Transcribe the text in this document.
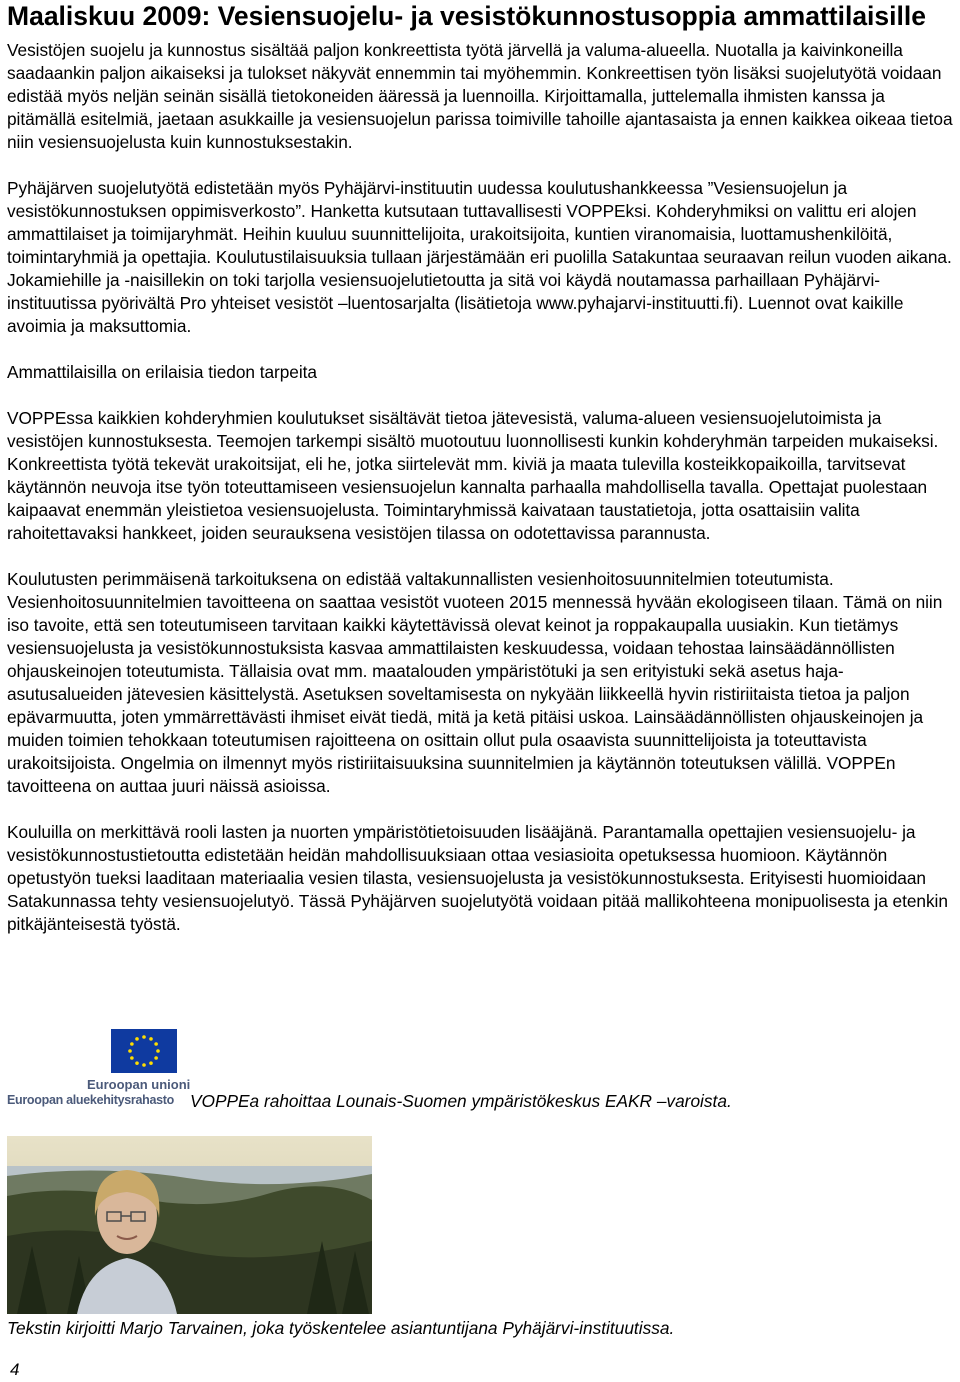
Maaliskuu 2009: Vesiensuojelu- ja vesistökunnostusoppia ammattilaisille

Vesistöjen suojelu ja kunnostus sisältää paljon konkreettista työtä järvellä ja valuma-alueella. Nuotalla ja kaivinkoneilla saadaankin paljon aikaiseksi ja tulokset näkyvät ennemmin tai myöhemmin. Konkreettisen työn lisäksi suojelutyötä voidaan edistää myös neljän seinän sisällä tietokoneiden ääressä ja luennoilla. Kirjoittamalla, juttelemalla ihmisten kanssa ja pitämällä esitelmiä, jaetaan asukkaille ja vesiensuojelun parissa toimiville tahoille ajantasaista ja ennen kaikkea oikeaa tietoa niin vesiensuojelusta kuin kunnostuksestakin.

Pyhäjärven suojelutyötä edistetään myös Pyhäjärvi-instituutin uudessa koulutushankkeessa ”Vesiensuojelun ja vesistökunnostuksen oppimisverkosto”. Hanketta kutsutaan tuttavallisesti VOPPEksi. Kohderyhmiksi on valittu eri alojen ammattilaiset ja toimijaryhmät. Heihin kuuluu suunnittelijoita, urakoitsijoita, kuntien viranomaisia, luottamushenkilöitä, toimintaryhmiä ja opettajia. Koulutustilaisuuksia tullaan järjestämään eri puolilla Satakuntaa seuraavan reilun vuoden aikana. Jokamiehille ja -naisillekin on toki tarjolla vesiensuojelutietoutta ja sitä voi käydä noutamassa parhaillaan Pyhäjärvi-instituutissa pyörivältä Pro yhteiset vesistöt –luentosarjalta (lisätietoja www.pyhajarvi-instituutti.fi). Luennot ovat kaikille avoimia ja maksuttomia.

Ammattilaisilla on erilaisia tiedon tarpeita

VOPPEssa kaikkien kohderyhmien koulutukset sisältävät tietoa jätevesistä, valuma-alueen vesiensuojelutoimista ja vesistöjen kunnostuksesta. Teemojen tarkempi sisältö muotoutuu luonnollisesti kunkin kohderyhmän tarpeiden mukaiseksi. Konkreettista työtä tekevät urakoitsijat, eli he, jotka siirtelevät mm. kiviä ja maata tulevilla kosteikkopaikoilla, tarvitsevat käytännön neuvoja itse työn toteuttamiseen vesiensuojelun kannalta parhaalla mahdollisella tavalla. Opettajat puolestaan kaipaavat enemmän yleistietoa vesiensuojelusta. Toimintaryhmissä kaivataan taustatietoja, jotta osattaisiin valita rahoitettavaksi hankkeet, joiden seurauksena vesistöjen tilassa on odotettavissa parannusta.

Koulutusten perimmäisenä tarkoituksena on edistää valtakunnallisten vesienhoitosuunnitelmien toteutumista. Vesienhoitosuunnitelmien tavoitteena on saattaa vesistöt vuoteen 2015 mennessä hyvään ekologiseen tilaan. Tämä on niin iso tavoite, että sen toteutumiseen tarvitaan kaikki käytettävissä olevat keinot ja roppakaupalla uusiakin. Kun tietämys vesiensuojelusta ja vesistökunnostuksista kasvaa ammattilaisten keskuudessa, voidaan tehostaa lainsäädännöllisten ohjauskeinojen toteutumista. Tällaisia ovat mm. maatalouden ympäristötuki ja sen erityistuki sekä asetus haja-asutusalueiden jätevesien käsittelystä. Asetuksen soveltamisesta on nykyään liikkeellä hyvin ristiriitaista tietoa ja paljon epävarmuutta, joten ymmärrettävästi ihmiset eivät tiedä, mitä ja ketä pitäisi uskoa. Lainsäädännöllisten ohjauskeinojen ja muiden toimien tehokkaan toteutumisen rajoitteena on osittain ollut pula osaavista suunnittelijoista ja toteuttavista urakoitsijoista. Ongelmia on ilmennyt myös ristiriitaisuuksina suunnitelmien ja käytännön toteutuksen välillä. VOPPEn tavoitteena on auttaa juuri näissä asioissa.

Kouluilla on merkittävä rooli lasten ja nuorten ympäristötietoisuuden lisääjänä. Parantamalla opettajien vesiensuojelu- ja vesistökunnostustietoutta edistetään heidän mahdollisuuksiaan ottaa vesiasioita opetuksessa huomioon. Käytännön opetustyön tueksi laaditaan materiaalia vesien tilasta, vesiensuojelusta ja vesistökunnostuksesta. Erityisesti huomioidaan Satakunnassa tehty vesiensuojelutyö. Tässä Pyhäjärven suojelutyötä voidaan pitää mallikohteena monipuolisesta ja etenkin pitkäjänteisestä työstä.

Euroopan unioni
Euroopan aluekehitysrahasto VOPPEa rahoittaa Lounais-Suomen ympäristökeskus EAKR –varoista.
Tekstin kirjoitti Marjo Tarvainen, joka työskentelee asiantuntijana Pyhäjärvi-instituutissa.
4
